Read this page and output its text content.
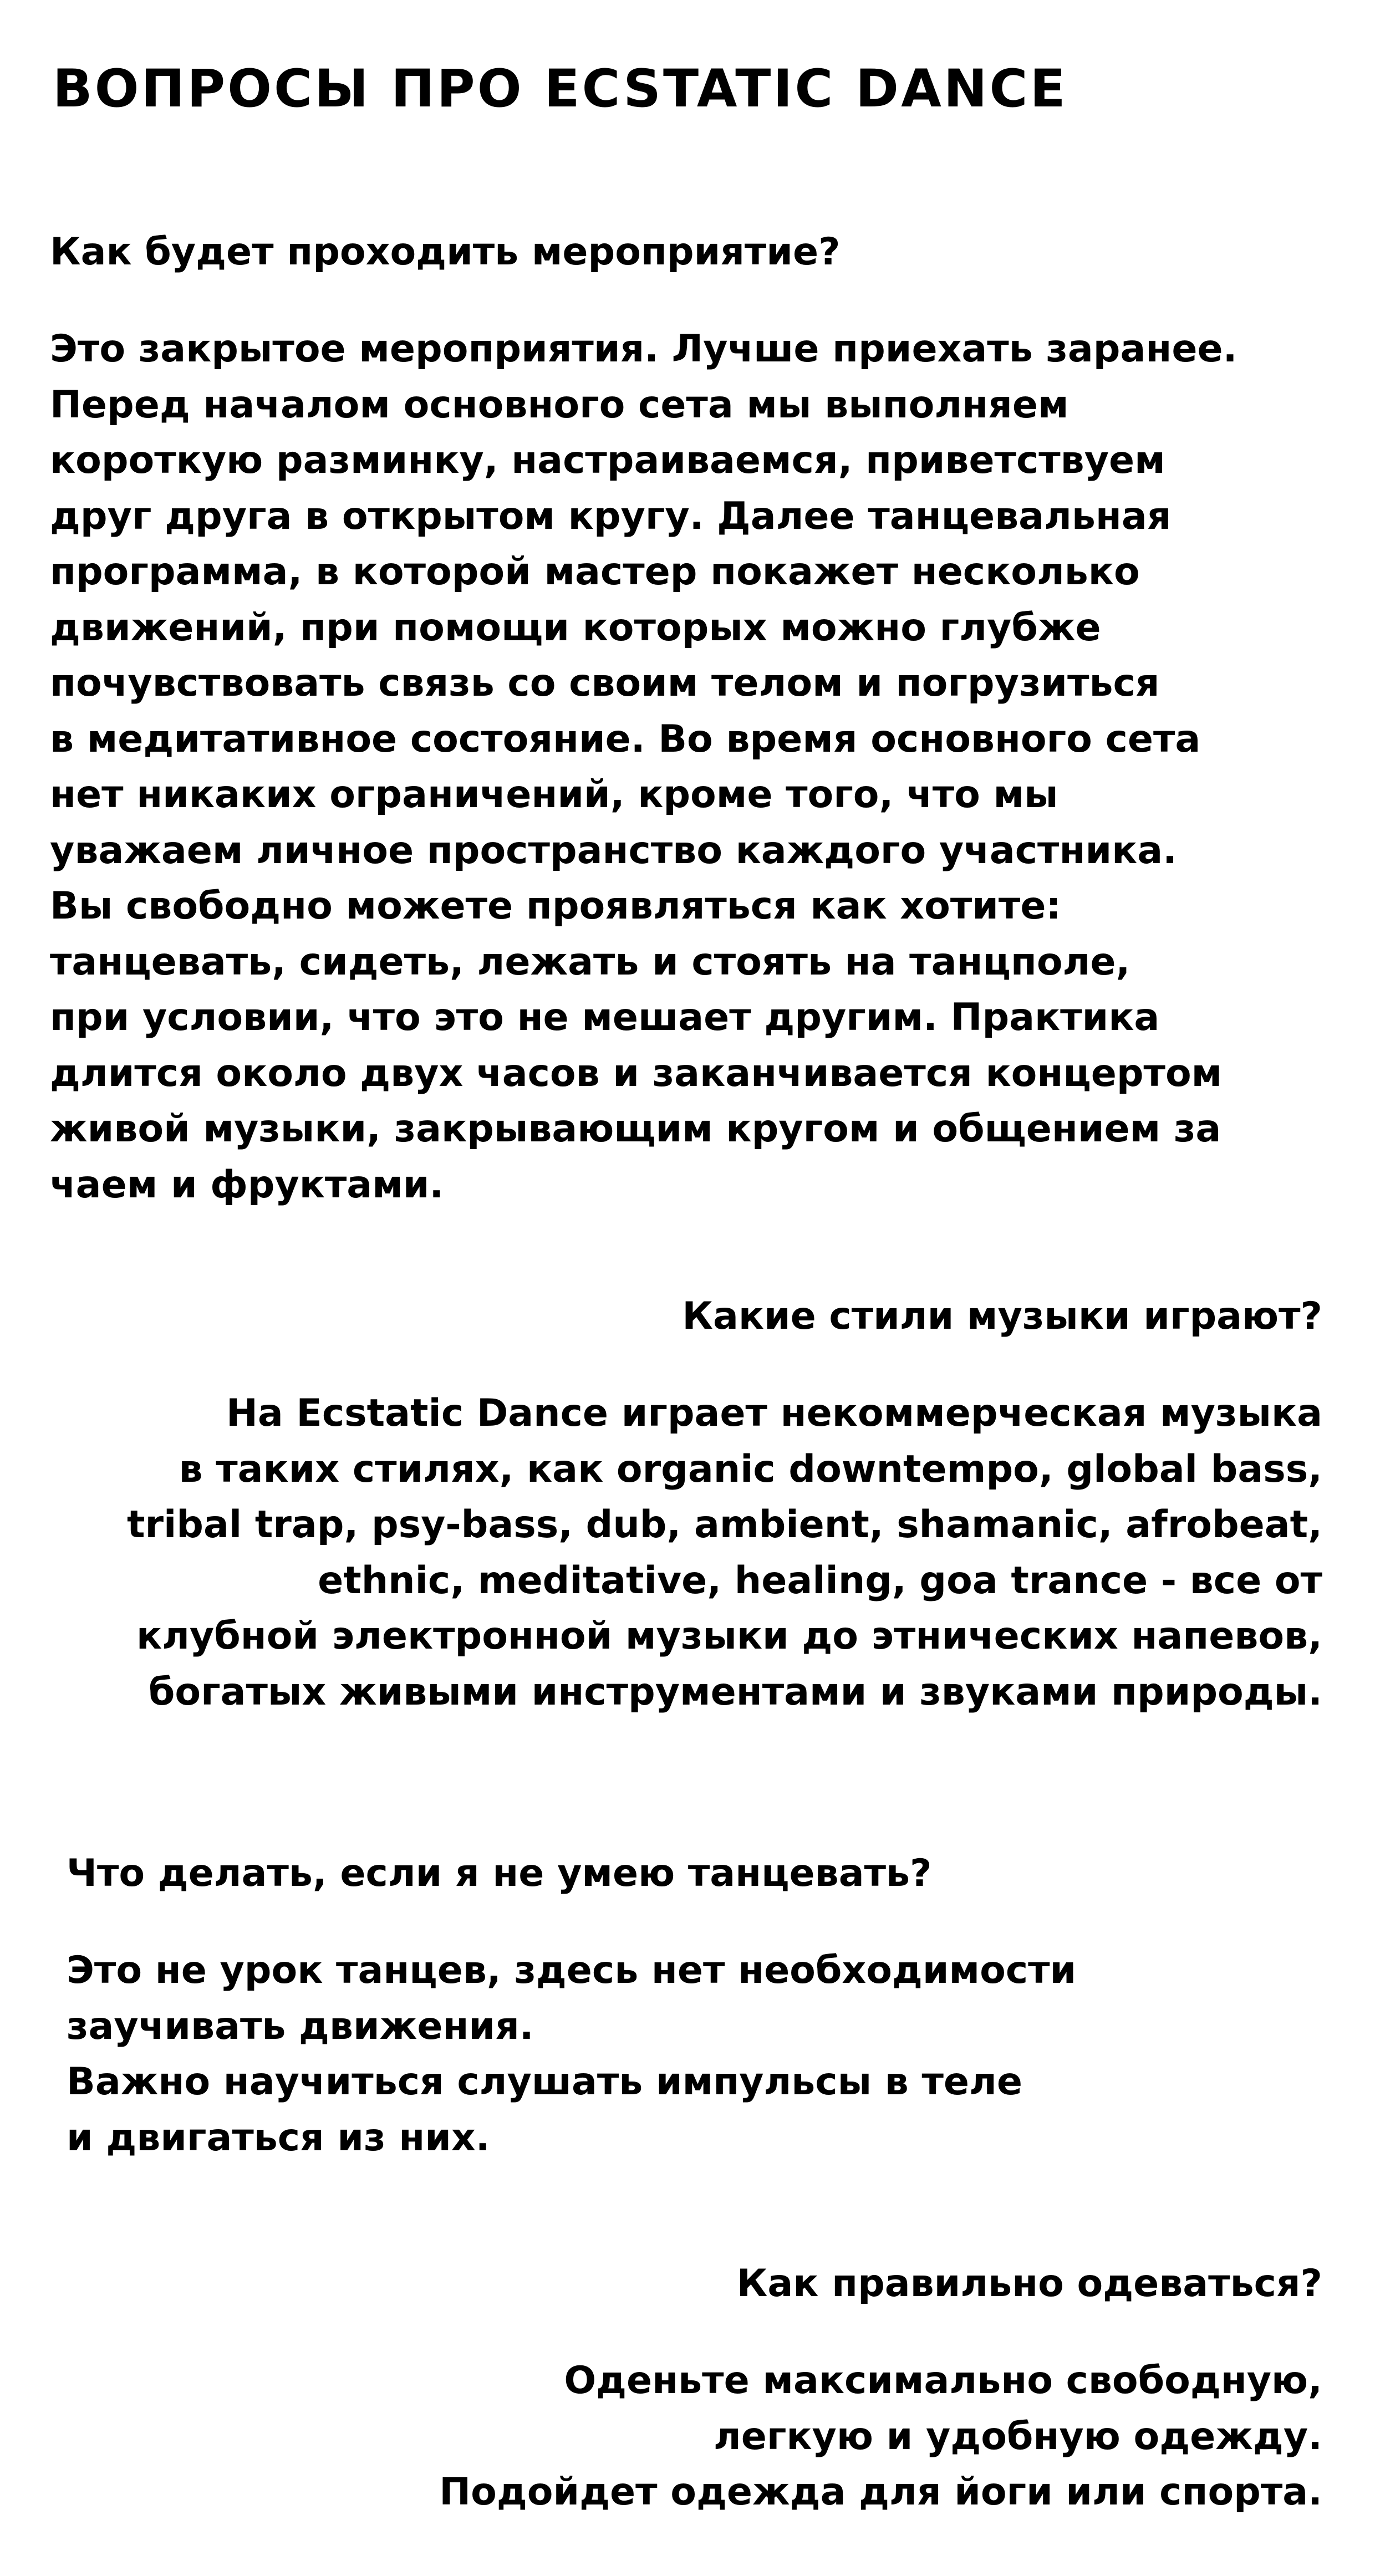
ВОПРОСЫ ПРО ECSTATIC DANCE
Как будет проходить мероприятие?
Это закрытое мероприятия. Лучше приехать заранее.
Перед началом основного сета мы выполняем
короткую разминку, настраиваемся, приветствуем
друг друга в открытом кругу. Далее танцевальная
программа, в которой мастер покажет несколько
движений, при помощи которых можно глубже
почувствовать связь со своим телом и погрузиться
в медитативное состояние. Во время основного сета
нет никаких ограничений, кроме того, что мы
уважаем личное пространство каждого участника.
Вы свободно можете проявляться как хотите:
танцевать, сидеть, лежать и стоять на танцполе,
при условии, что это не мешает другим. Практика
длится около двух часов и заканчивается концертом
живой музыки, закрывающим кругом и общением за
чаем и фруктами.
Какие стили музыки играют?
На Ecstatic Dance играет некоммерческая музыка
в таких стилях, как organic downtempo, global bass,
tribal trap, psy-bass, dub, ambient, shamanic, afrobeat,
ethnic, meditative, healing, goa trance - все от
клубной электронной музыки до этнических напевов,
богатых живыми инструментами и звуками природы.
Что делать, если я не умею танцевать?
Это не урок танцев, здесь нет необходимости
заучивать движения.
Важно научиться слушать импульсы в теле
и двигаться из них.
Как правильно одеваться?
Оденьте максимально свободную,
легкую и удобную одежду.
Подойдет одежда для йоги или спорта.
